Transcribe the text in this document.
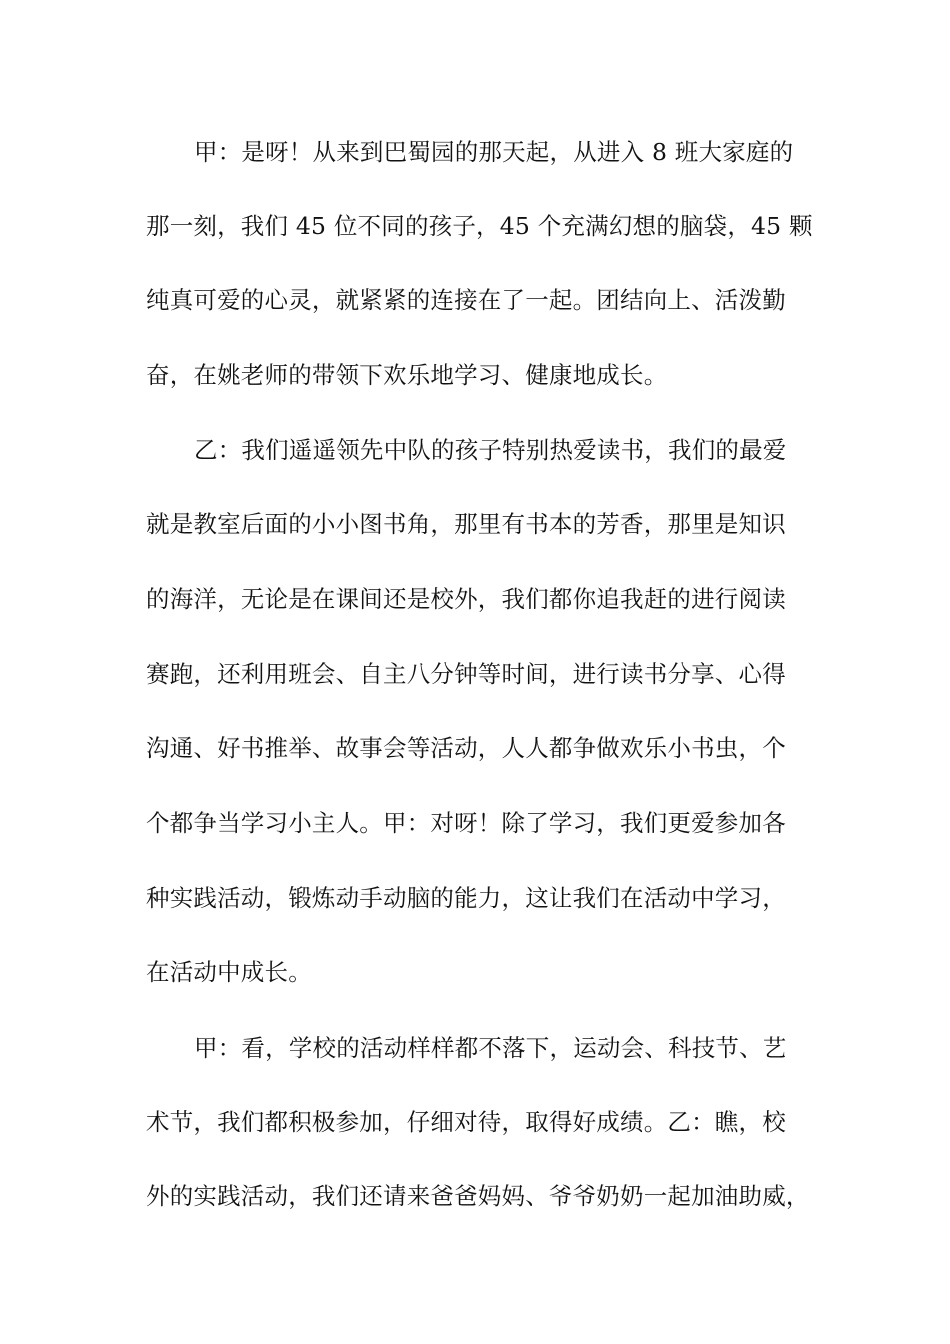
甲：是呀！从来到巴蜀园的那天起，从进入 8 班大家庭的
那一刻，我们 45 位不同的孩子，45 个充满幻想的脑袋，45 颗
纯真可爱的心灵，就紧紧的连接在了一起。团结向上、活泼勤
奋，在姚老师的带领下欢乐地学习、健康地成长。
乙：我们遥遥领先中队的孩子特别热爱读书，我们的最爱
就是教室后面的小小图书角，那里有书本的芳香，那里是知识
的海洋，无论是在课间还是校外，我们都你追我赶的进行阅读
赛跑，还利用班会、自主八分钟等时间，进行读书分享、心得
沟通、好书推举、故事会等活动，人人都争做欢乐小书虫，个
个都争当学习小主人。甲：对呀！除了学习，我们更爱参加各
种实践活动，锻炼动手动脑的能力，这让我们在活动中学习，
在活动中成长。
甲：看，学校的活动样样都不落下，运动会、科技节、艺
术节，我们都积极参加，仔细对待，取得好成绩。乙：瞧，校
外的实践活动，我们还请来爸爸妈妈、爷爷奶奶一起加油助威，
